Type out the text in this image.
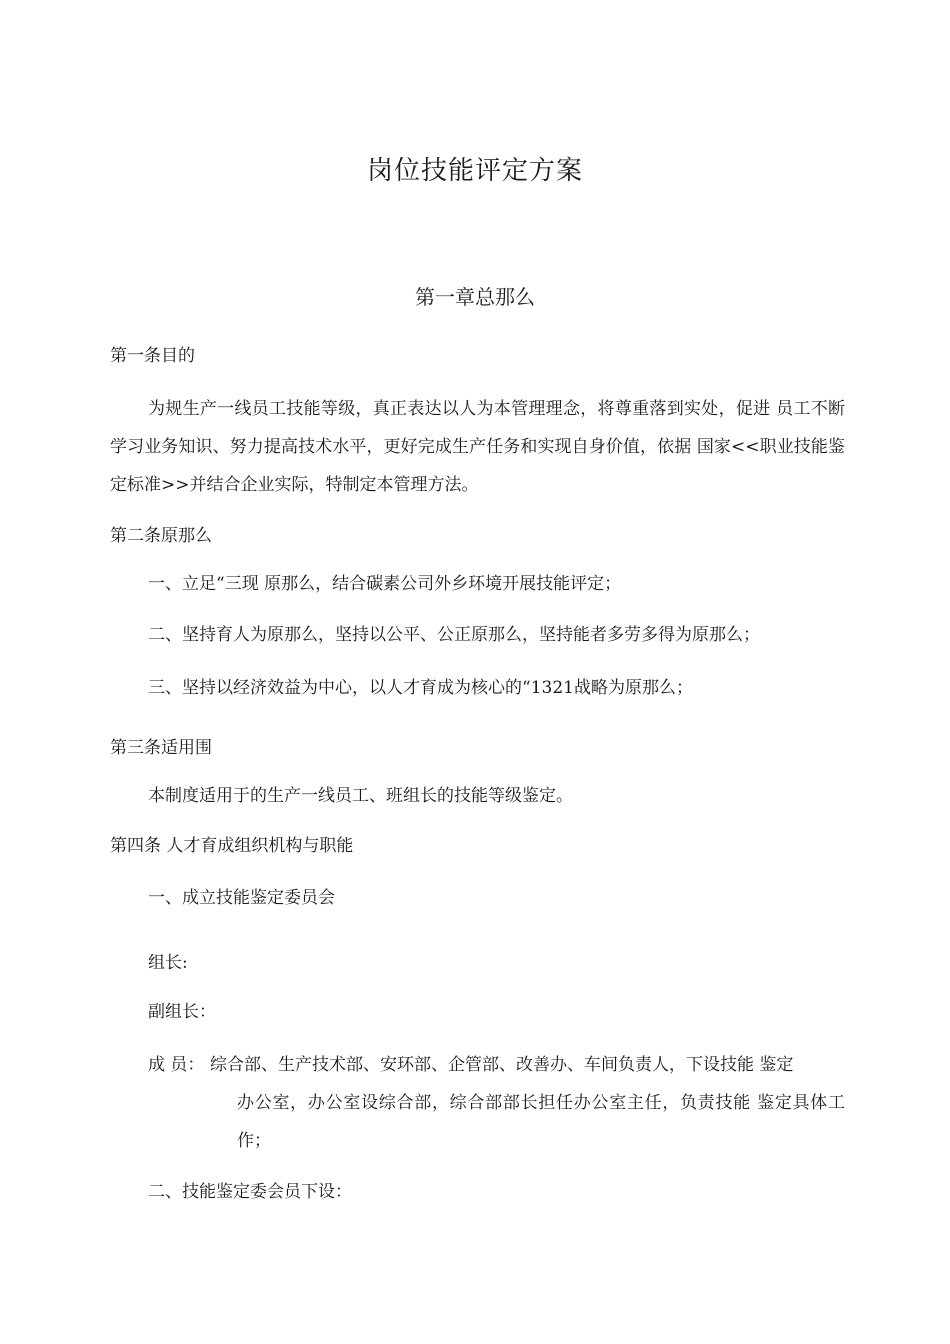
岗位技能评定方案
第一章总那么
第一条目的
为规生产一线员工技能等级，真正表达以人为本管理理念，将尊重落到实处，促进 员工不断学习业务知识、努力提高技术水平，更好完成生产任务和实现自身价值，依据 国家<<职业技能鉴定标准>>并结合企业实际，特制定本管理方法。
第二条原那么
一、立足“三现 原那么，结合碳素公司外乡环境开展技能评定；
二、坚持育人为原那么，坚持以公平、公正原那么，坚持能者多劳多得为原那么；
三、坚持以经济效益为中心，以人才育成为核心的“1321战略为原那么；
第三条适用围
本制度适用于的生产一线员工、班组长的技能等级鉴定。
第四条 人才育成组织机构与职能
一、成立技能鉴定委员会
组长:
副组长：
成 员： 综合部、生产技术部、安环部、企管部、改善办、车间负责人，下设技能 鉴定
办公室，办公室设综合部，综合部部长担任办公室主任，负责技能 鉴定具体工作；
二、技能鉴定委会员下设：
